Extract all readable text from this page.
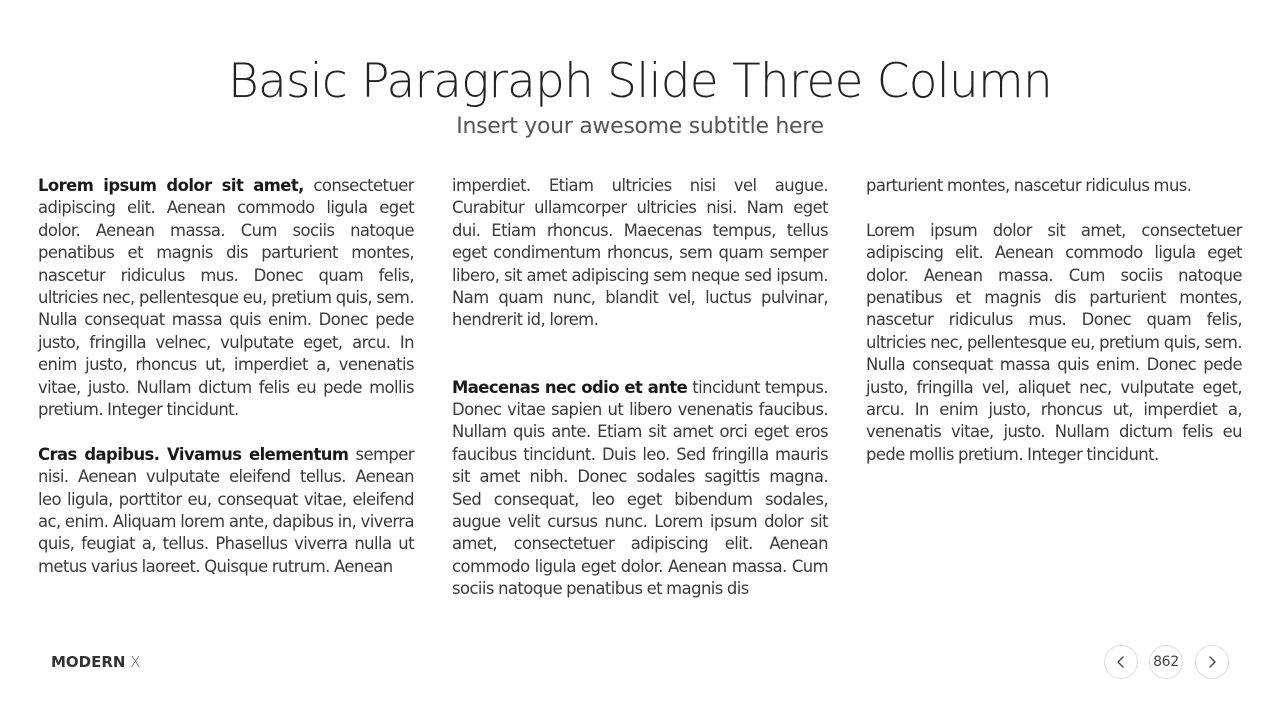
Basic Paragraph Slide Three Column
Insert your awesome subtitle here

Lorem ipsum dolor sit amet, consectetuer adipiscing elit. Aenean commodo ligula eget dolor. Aenean massa. Cum sociis natoque penatibus et magnis dis parturient montes, nascetur ridiculus mus. Donec quam felis, ultricies nec, pellentesque eu, pretium quis, sem. Nulla consequat massa quis enim. Donec pede justo, fringilla velnec, vulputate eget, arcu. In enim justo, rhoncus ut, imperdiet a, venenatis vitae, justo. Nullam dictum felis eu pede mollis pretium. Integer tincidunt.

Cras dapibus. Vivamus elementum semper nisi. Aenean vulputate eleifend tellus. Aenean leo ligula, porttitor eu, consequat vitae, eleifend ac, enim. Aliquam lorem ante, dapibus in, viverra quis, feugiat a, tellus. Phasellus viverra nulla ut metus varius laoreet. Quisque rutrum. Aenean

imperdiet. Etiam ultricies nisi vel augue. Curabitur ullamcorper ultricies nisi. Nam eget dui. Etiam rhoncus. Maecenas tempus, tellus eget condimentum rhoncus, sem quam semper libero, sit amet adipiscing sem neque sed ipsum. Nam quam nunc, blandit vel, luctus pulvinar, hendrerit id, lorem.

Maecenas nec odio et ante tincidunt tempus. Donec vitae sapien ut libero venenatis faucibus. Nullam quis ante. Etiam sit amet orci eget eros faucibus tincidunt. Duis leo. Sed fringilla mauris sit amet nibh. Donec sodales sagittis magna. Sed consequat, leo eget bibendum sodales, augue velit cursus nunc. Lorem ipsum dolor sit amet, consectetuer adipiscing elit. Aenean commodo ligula eget dolor. Aenean massa. Cum sociis natoque penatibus et magnis dis

parturient montes, nascetur ridiculus mus.

Lorem ipsum dolor sit amet, consectetuer adipiscing elit. Aenean commodo ligula eget dolor. Aenean massa. Cum sociis natoque penatibus et magnis dis parturient montes, nascetur ridiculus mus. Donec quam felis, ultricies nec, pellentesque eu, pretium quis, sem. Nulla consequat massa quis enim. Donec pede justo, fringilla vel, aliquet nec, vulputate eget, arcu. In enim justo, rhoncus ut, imperdiet a, venenatis vitae, justo. Nullam dictum felis eu pede mollis pretium. Integer tincidunt.

MODERN X	862
